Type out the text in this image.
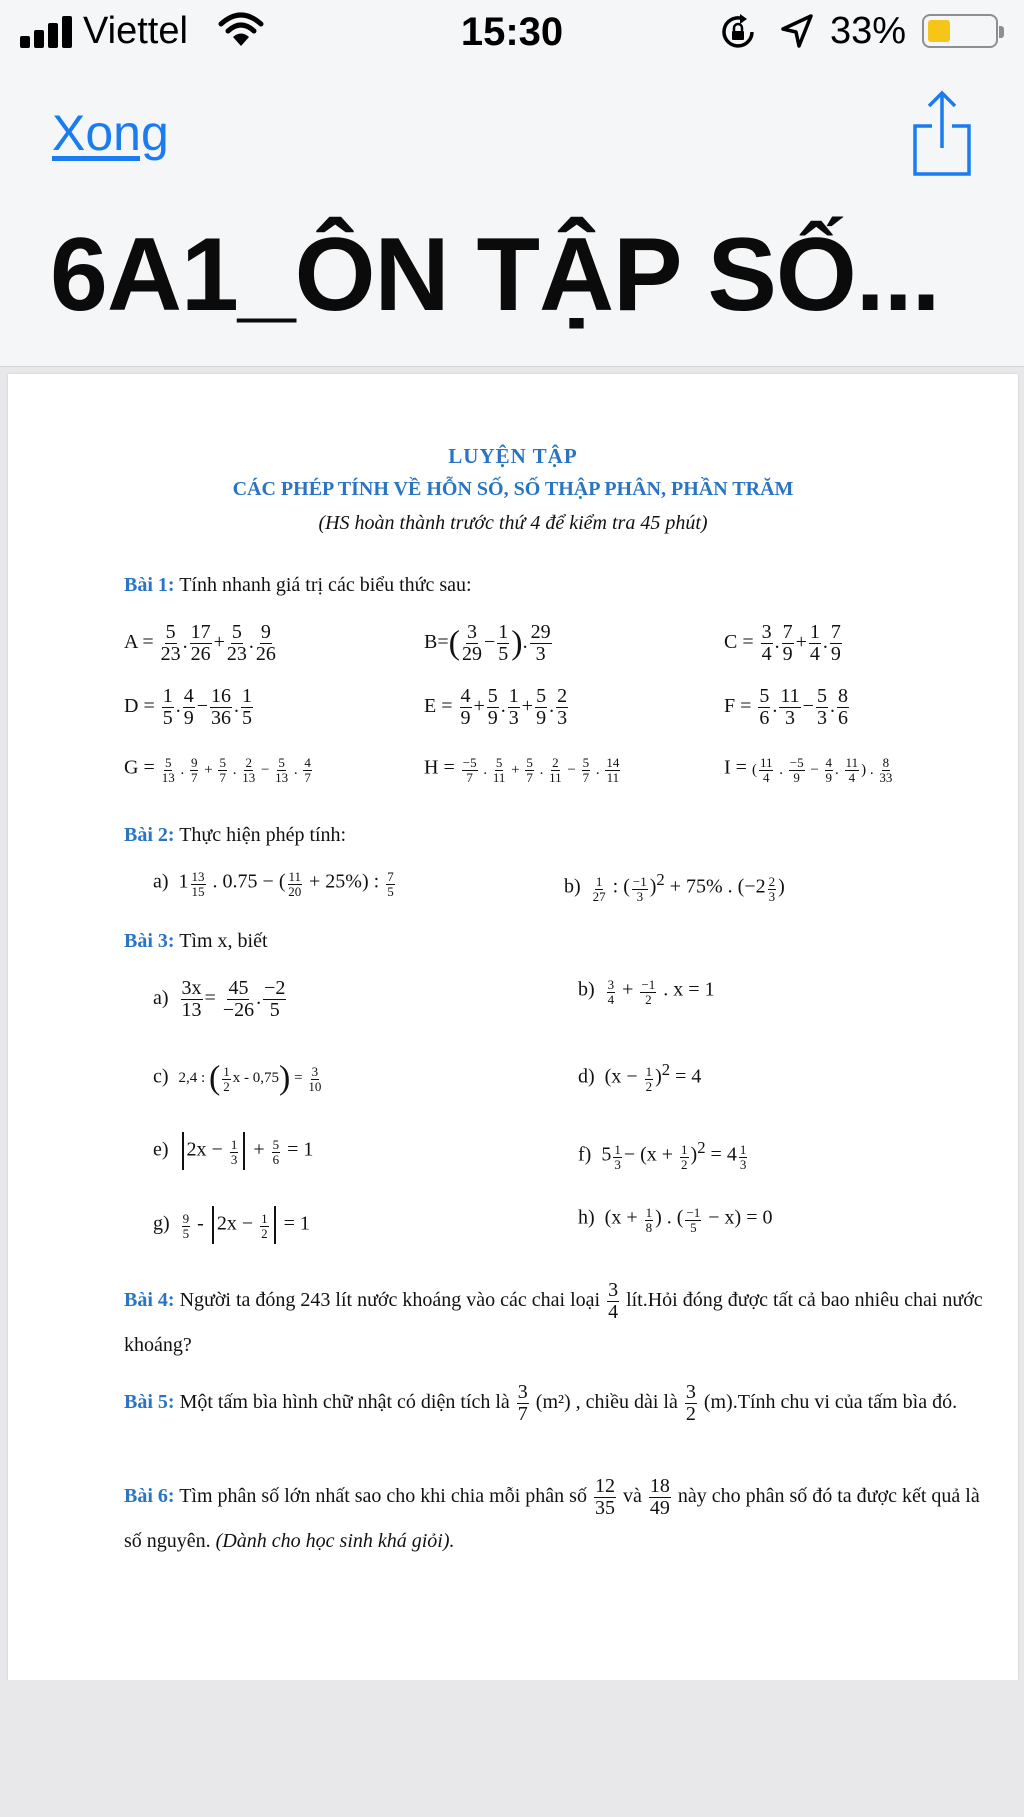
Viettel	15:30	33%
Xong
6A1_ÔN TẬP SỐ...
LUYỆN TẬP
CÁC PHÉP TÍNH VỀ HỖN SỐ, SỐ THẬP PHÂN, PHẦN TRĂM
(HS hoàn thành trước thứ 4 để kiểm tra 45 phút)
Bài 1: Tính nhanh giá trị các biểu thức sau:
$A = \frac{5}{23}$ . $\frac{17}{26} + \frac{5}{23}$ . $\frac{9}{26}$	$B=( \frac{3}{29} - \frac{1}{5}$ ). $\frac{29}{3}$	$C = \frac{3}{4}$ . $\frac{7}{9} + \frac{1}{4}$ . $\frac{7}{9}$
$D = \frac{1}{5}$ . $\frac{4}{9} - \frac{16}{36}$ . $\frac{1}{5}$	$E = \frac{4}{9} + \frac{5}{9}$ . $\frac{1}{3} + \frac{5}{9}$ . $\frac{2}{3}$	$F = \frac{5}{6}$ . $\frac{11}{3} - \frac{5}{3}$ . $\frac{8}{6}$
$G = \frac{5}{13}$ . $\frac{9}{7} + \frac{5}{7}$ . $\frac{2}{13} - \frac{5}{13}$ . $\frac{4}{7}$	$H = \frac{-5}{7}$ . $\frac{5}{11} + \frac{5}{7}$ . $\frac{2}{11} - \frac{5}{7}$ . $\frac{14}{11}$	I = ( $\frac{11}{4}$ . $\frac{-5}{9} - \frac{4}{9}$ . $\frac{11}{4}$ ) . $\frac{8}{33}$
Bài 2: Thực hiện phép tính:
a)  $1 \frac{13}{15}$ . 0.75 − ( $\frac{11}{20} + 25\%$) : $\frac{7}{5}$	$b) \frac{1}{27}$ : ( $\frac{-1}{3} )^2 + 75\%$ . ($-2 \frac{2}{3}$ )
Bài 3: Tìm x, biết
$a) \frac{3x}{13} = \frac{45}{-26}$ . $\frac{-2}{5}$	$b) \frac{3}{4} + \frac{-1}{2}$ . x = 1
c)  2,4 : ( $\frac{1}{2}$ $x - 0,75) = \frac{3}{10}$	d)  $(x - \frac{1}{2} )^2 = 4$
e)  $2x - \frac{1}{3} + \frac{5}{6} = 1$	f)  $5 \frac{1}{3} - (x + \frac{1}{2} )^2 = 4 \frac{1}{3}$
$g) \frac{9}{5} - 2x - \frac{1}{2} = 1$	h)  ($x + \frac{1}{8}$ ) . ( $\frac{-1}{5} - x) = 0$
Bài 4: Người ta đóng 243 lít nước khoáng vào các chai loại $\frac{3}{4}$ lít.Hỏi đóng được tất cả bao nhiêu chai nước khoáng?
Bài 5: Một tấm bìa hình chữ nhật có diện tích là $\frac{3}{7} (m^2)$ , chiều dài là $\frac{3}{2}$ (m).Tính chu vi của tấm bìa đó.
Bài 6: Tìm phân số lớn nhất sao cho khi chia mỗi phân số $\frac{12}{35}$ và $\frac{18}{49}$ này cho phân số đó ta được kết quả là số nguyên. (Dành cho học sinh khá giỏi).
